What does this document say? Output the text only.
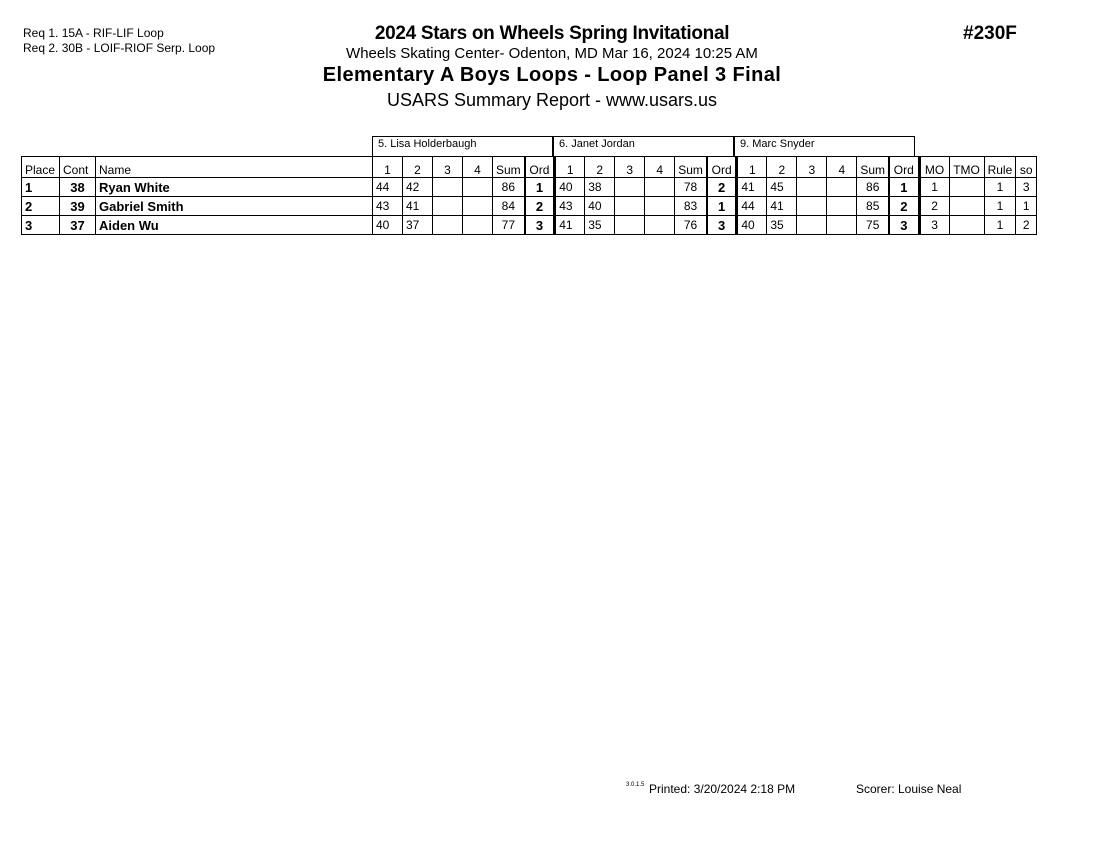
Req 1. 15A - RIF-LIF Loop
Req 2. 30B - LOIF-RIOF Serp. Loop
2024 Stars on Wheels Spring Invitational
Wheels Skating Center- Odenton, MD Mar 16, 2024 10:25 AM
Elementary A Boys Loops - Loop Panel 3 Final
USARS Summary Report - www.usars.us
#230F
5. Lisa Holderbaugh	6. Janet Jordan	9. Marc Snyder
Place	Cont	Name	1	2	3	4	Sum	Ord	1	2	3	4	Sum	Ord	1	2	3	4	Sum	Ord	MO	TMO	Rule	so
1	38	Ryan White	44	42			86	1	40	38			78	2	41	45			86	1	1		1	3
2	39	Gabriel Smith	43	41			84	2	43	40			83	1	44	41			85	2	2		1	1
3	37	Aiden Wu	40	37			77	3	41	35			76	3	40	35			75	3	3		1	2
3.0.1.5 Printed: 3/20/2024 2:18 PM	Scorer: Louise Neal
